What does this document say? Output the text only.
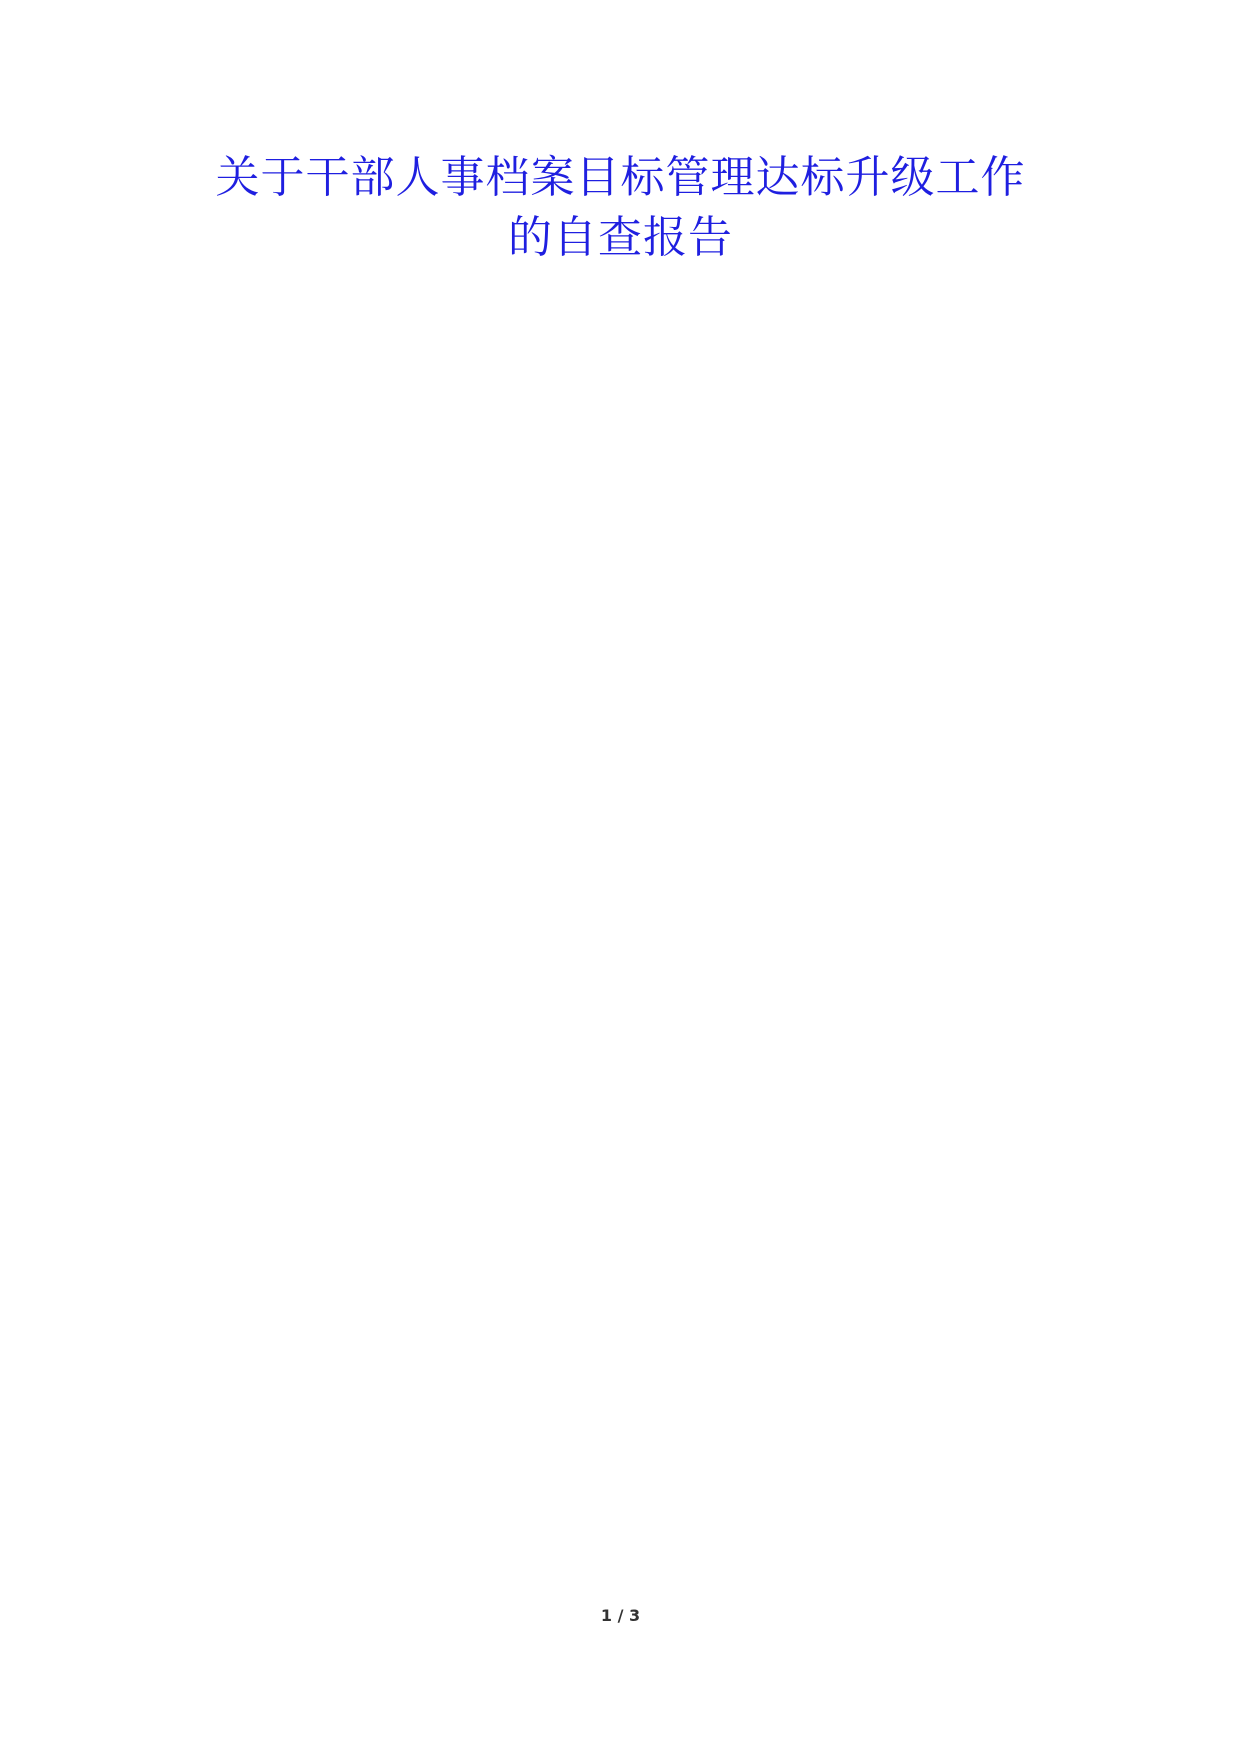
关于干部人事档案目标管理达标升级工作
的自查报告
1 / 3
